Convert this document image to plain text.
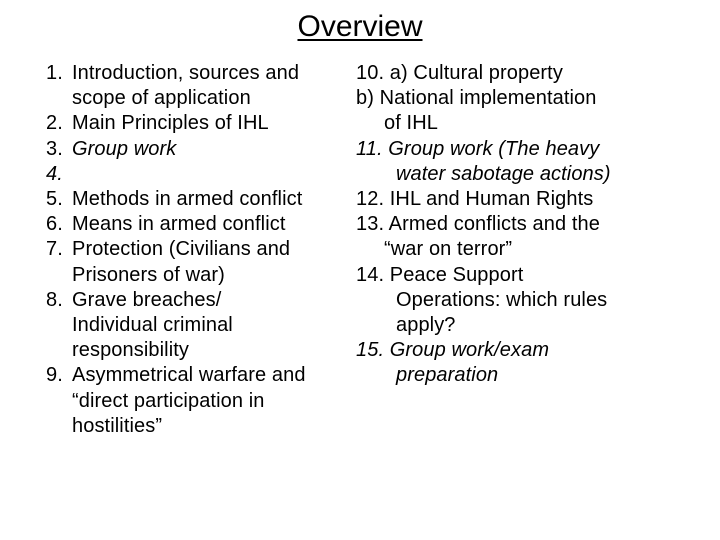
Overview
1. Introduction, sources and
scope of application
2. Main Principles of IHL
3. Group work
4.

5. Methods in armed conflict
6. Means in armed conflict
7. Protection (Civilians and
Prisoners of war)
8. Grave breaches/
Individual criminal
responsibility
9. Asymmetrical warfare and
“direct participation in
hostilities”
10. a) Cultural property
b) National implementation
of IHL
11. Group work (The heavy
water sabotage actions)
12. IHL and Human Rights
13. Armed conflicts and the
“war on terror”
14. Peace Support
Operations: which rules
apply?
15. Group work/exam
preparation
